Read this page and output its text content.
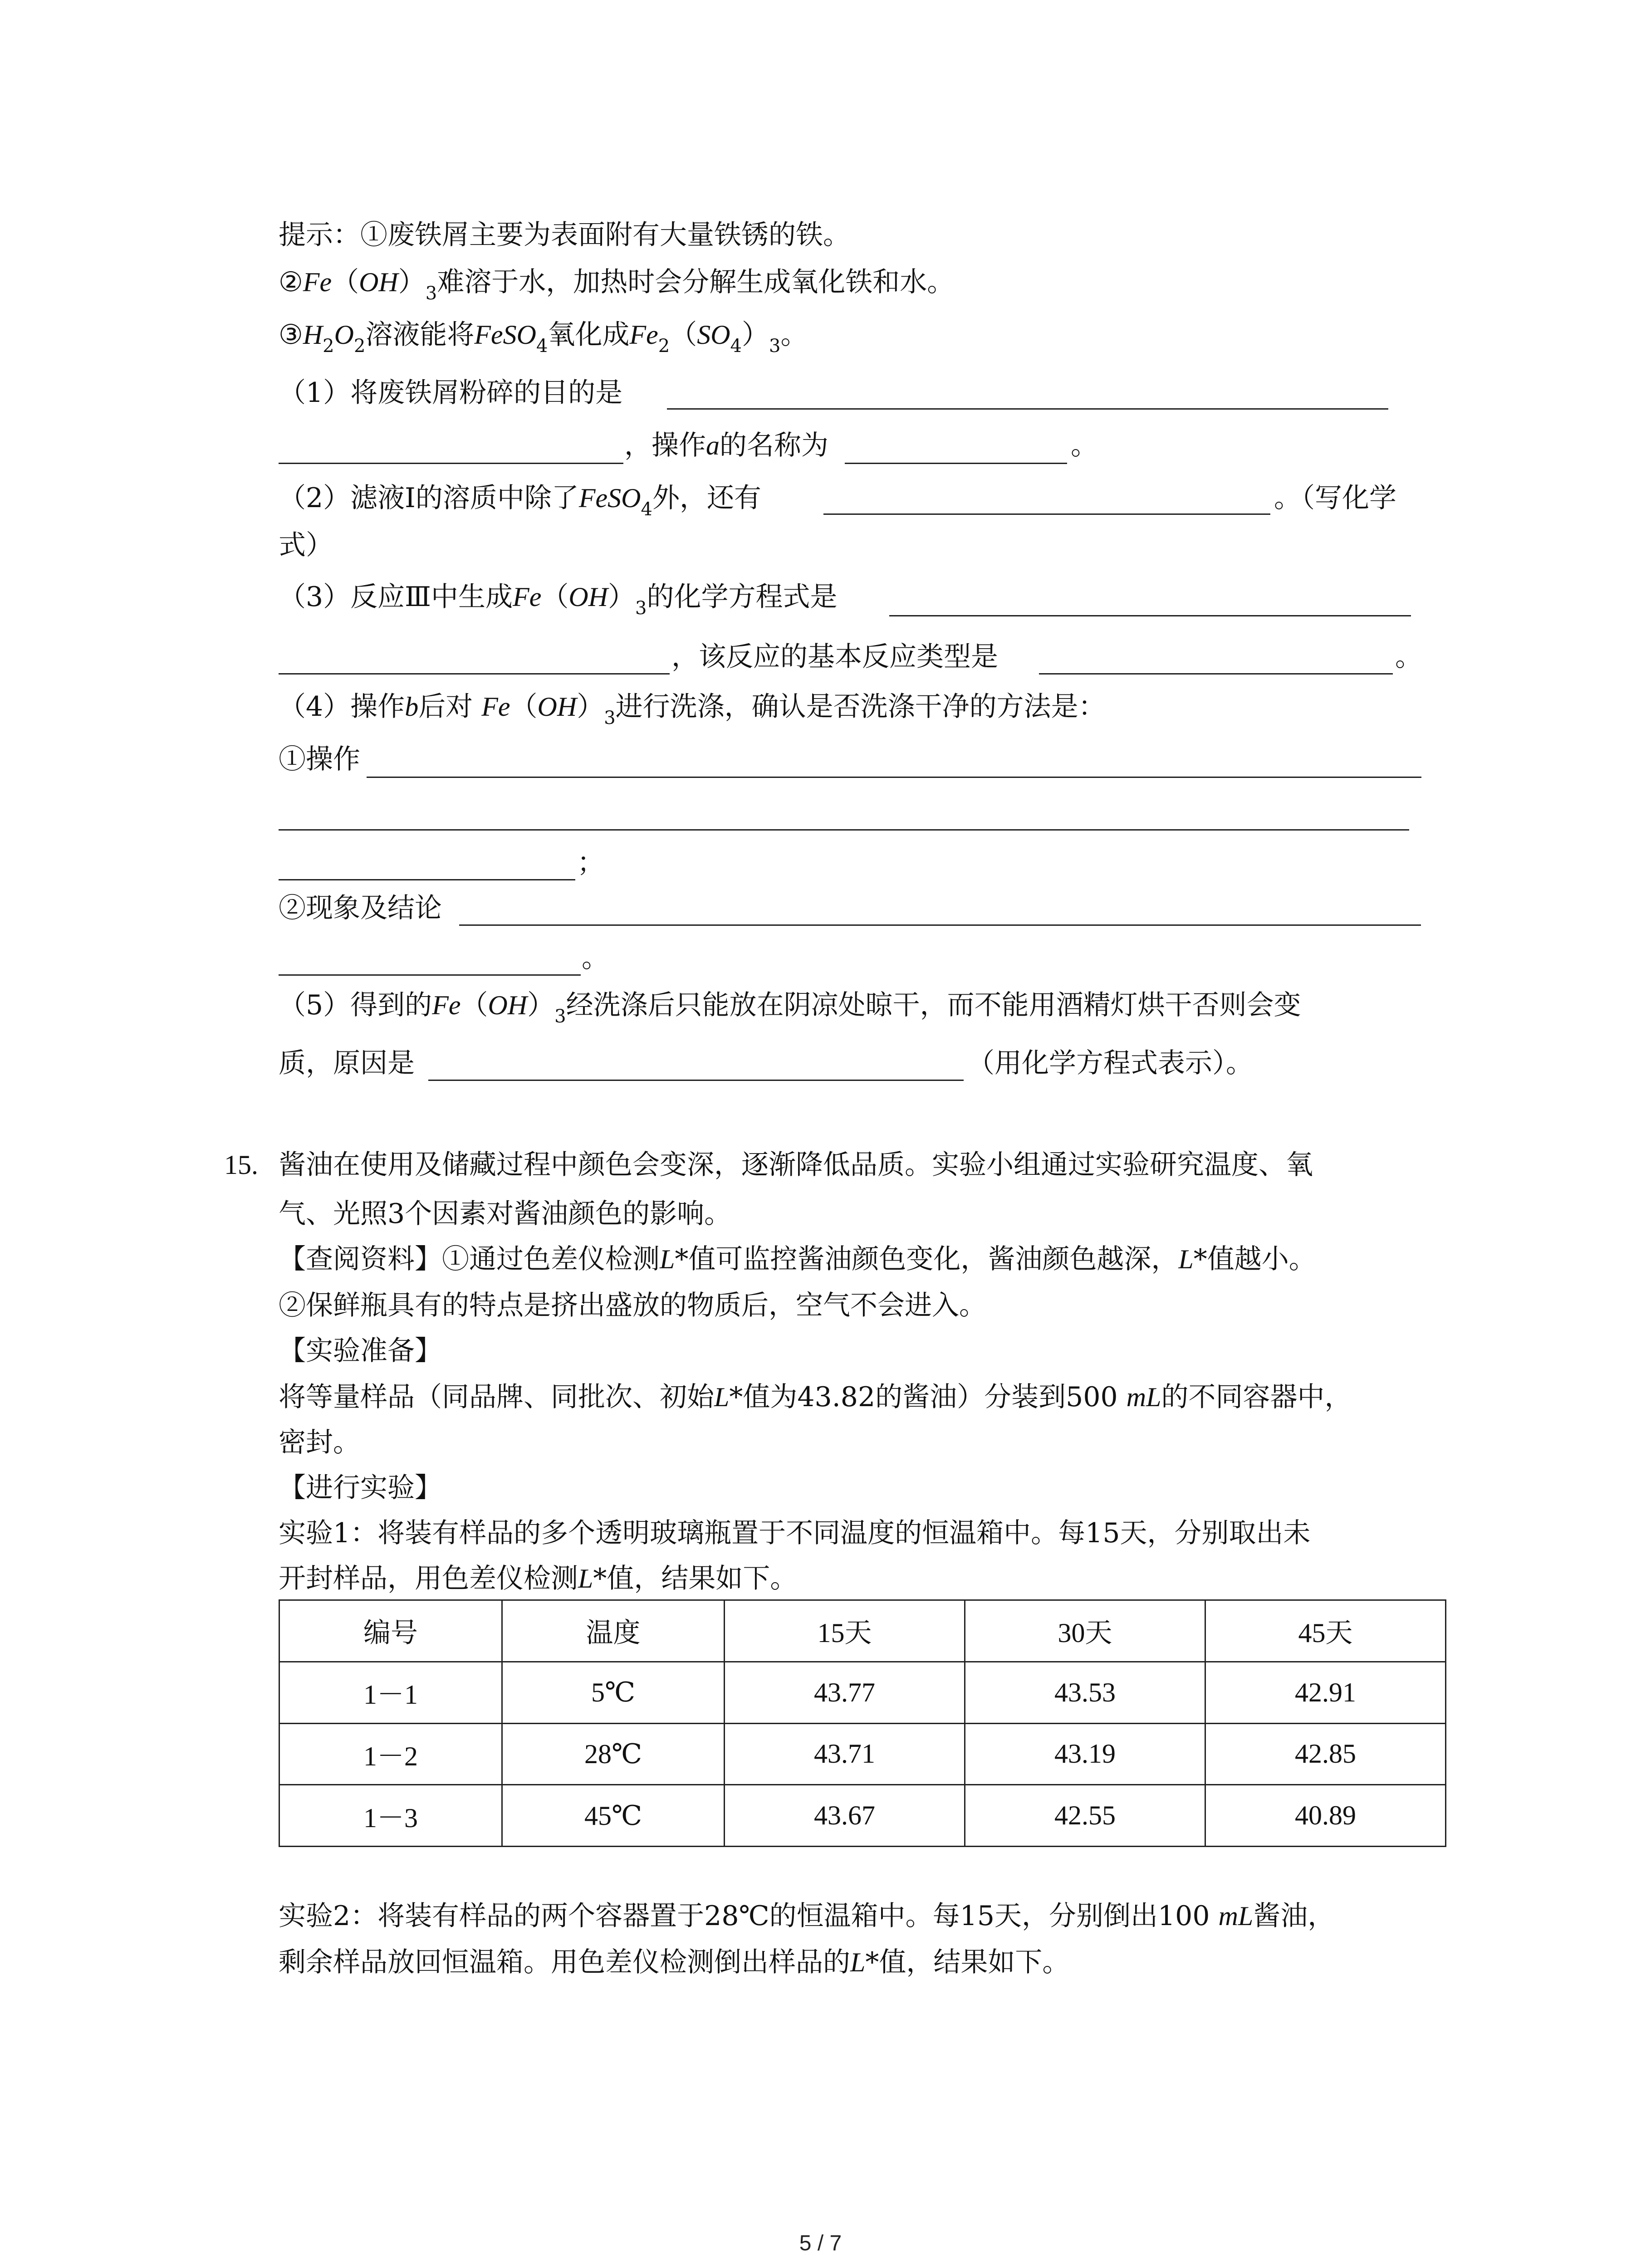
提示：①废铁屑主要为表面附有大量铁锈的铁。
$②Fe(OH)_3$难溶于水，加热时会分解生成氧化铁和水。
$③H_2O_2$溶液能将FeSO$_4$氧化成$Fe_2(SO_4)_3$。
（1）将废铁屑粉碎的目的是
，操作a的名称为	。
（2）滤液Ⅰ的溶质中除了FeSO$_4$外，还有	。（写化学
式）
（3）反应Ⅲ中生成$Fe(OH)_3$的化学方程式是
，该反应的基本反应类型是	。
（4）操作b后对 $Fe(OH)_3$进行洗涤，确认是否洗涤干净的方法是：
①操作
；
②现象及结论
。
（5）得到的$Fe(OH)_3$经洗涤后只能放在阴凉处晾干，而不能用酒精灯烘干否则会变
质，原因是	（用化学方程式表示）。
15. 酱油在使用及储藏过程中颜色会变深，逐渐降低品质。实验小组通过实验研究温度、氧
气、光照3个因素对酱油颜色的影响。
【查阅资料】①通过色差仪检测L*值可监控酱油颜色变化，酱油颜色越深，L*值越小。
②保鲜瓶具有的特点是挤出盛放的物质后，空气不会进入。
【实验准备】
将等量样品（同品牌、同批次、初始L*值为43.82的酱油）分装到500 mL的不同容器中，
密封。
【进行实验】
实验1：将装有样品的多个透明玻璃瓶置于不同温度的恒温箱中。每15天，分别取出未
开封样品，用色差仪检测L*值，结果如下。
编号	温度	15天	30天	45天
1－1	5℃	43.77	43.53	42.91
1－2	28℃	43.71	43.19	42.85
1－3	45℃	43.67	42.55	40.89
实验2：将装有样品的两个容器置于28℃的恒温箱中。每15天，分别倒出100 mL酱油，
剩余样品放回恒温箱。用色差仪检测倒出样品的L*值，结果如下。
5 / 7
